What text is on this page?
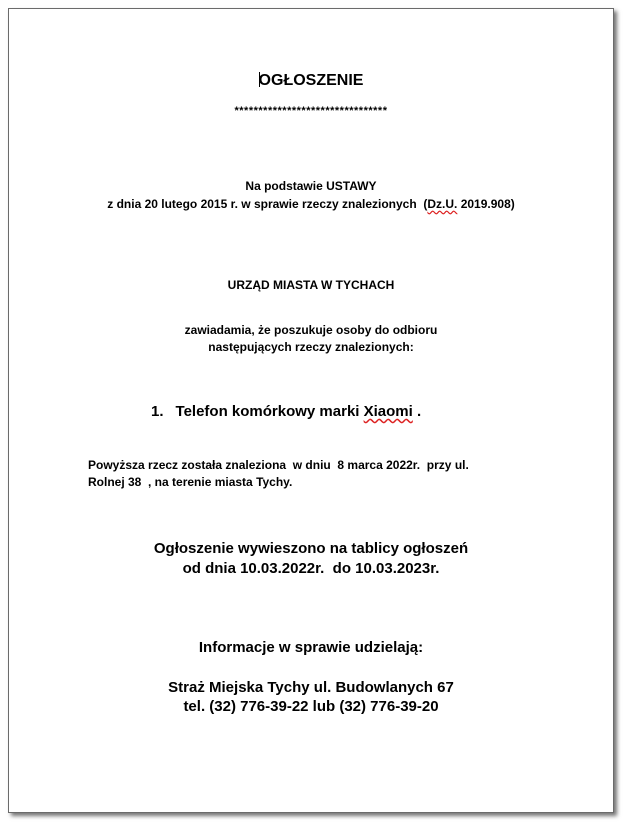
OGŁOSZENIE
********************************
Na podstawie USTAWY
z dnia 20 lutego 2015 r. w sprawie rzeczy znalezionych  (Dz.U. 2019.908)
URZĄD MIASTA W TYCHACH
zawiadamia, że poszukuje osoby do odbioru
następujących rzeczy znalezionych:
1. Telefon komórkowy marki Xiaomi .
Powyższa rzecz została znaleziona  w dniu  8 marca 2022r.  przy ul.
Rolnej 38  , na terenie miasta Tychy.
Ogłoszenie wywieszono na tablicy ogłoszeń
od dnia 10.03.2022r.  do 10.03.2023r.
Informacje w sprawie udzielają:
Straż Miejska Tychy ul. Budowlanych 67
tel. (32) 776-39-22 lub (32) 776-39-20
